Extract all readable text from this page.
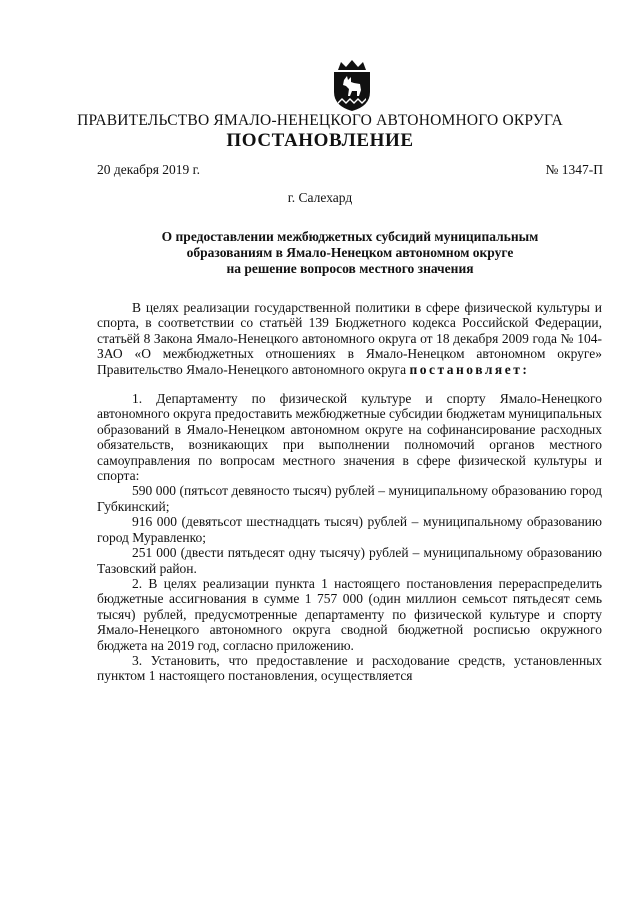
ПРАВИТЕЛЬСТВО ЯМАЛО-НЕНЕЦКОГО АВТОНОМНОГО ОКРУГА
ПОСТАНОВЛЕНИЕ
20 декабря 2019 г.	№ 1347-П
г. Салехард
О предоставлении межбюджетных субсидий муниципальным
образованиям в Ямало-Ненецком автономном округе
на решение вопросов местного значения

В целях реализации государственной политики в сфере физической культуры и спорта, в соответствии со статьёй 139 Бюджетного кодекса Российской Федерации, статьёй 8 Закона Ямало-Ненецкого автономного округа от 18 декабря 2009 года № 104-ЗАО «О межбюджетных отношениях в Ямало-Ненецком автономном округе» Правительство Ямало-Ненецкого автономного округа постановляет:

1. Департаменту по физической культуре и спорту Ямало-Ненецкого автономного округа предоставить межбюджетные субсидии бюджетам муниципальных образований в Ямало-Ненецком автономном округе на софинансирование расходных обязательств, возникающих при выполнении полномочий органов местного самоуправления по вопросам местного значения в сфере физической культуры и спорта:

590 000 (пятьсот девяносто тысяч) рублей – муниципальному образованию город Губкинский;

916 000 (девятьсот шестнадцать тысяч) рублей – муниципальному образованию город Муравленко;

251 000 (двести пятьдесят одну тысячу) рублей – муниципальному образованию Тазовский район.

2. В целях реализации пункта 1 настоящего постановления перераспределить бюджетные ассигнования в сумме 1 757 000 (один миллион семьсот пятьдесят семь тысяч) рублей, предусмотренные департаменту по физической культуре и спорту Ямало-Ненецкого автономного округа сводной бюджетной росписью окружного бюджета на 2019 год, согласно приложению.

3. Установить, что предоставление и расходование средств, установленных пунктом 1 настоящего постановления, осуществляется
